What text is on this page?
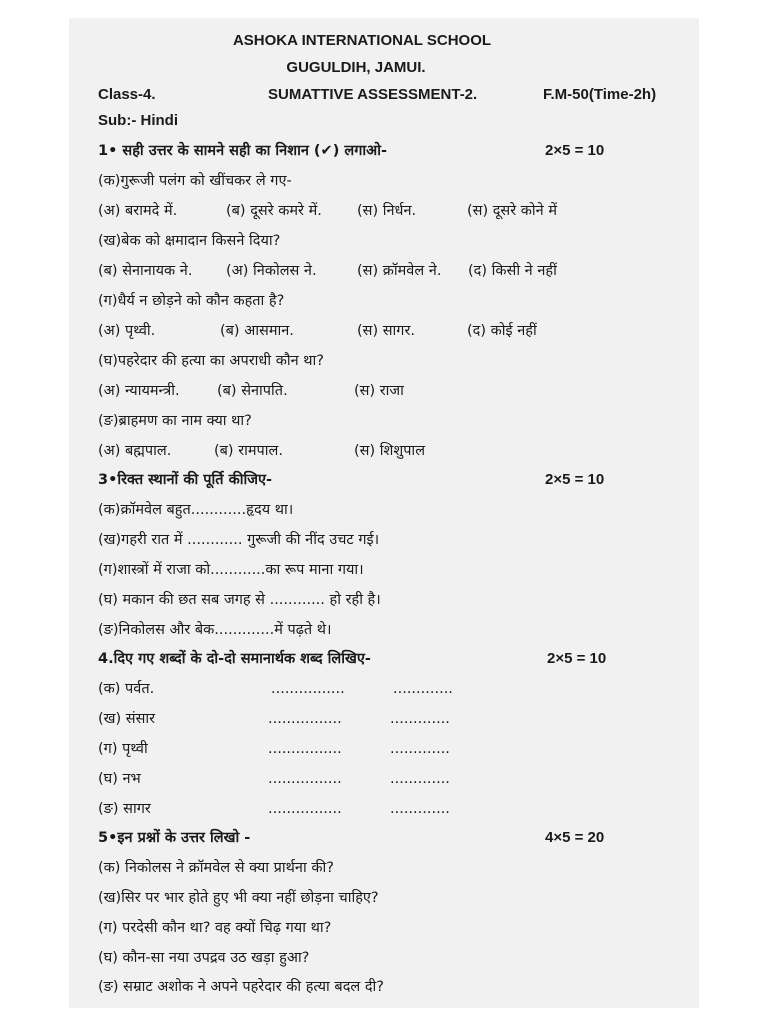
ASHOKA INTERNATIONAL SCHOOL
GUGULDIH, JAMUI.
Class-4.	SUMATTIVE ASSESSMENT-2.	F.M-50(Time-2h)
Sub:- Hindi
1• सही उत्तर के सामने सही का निशान (✔) लगाओ-	2×5 = 10
(क)गुरूजी पलंग को खींचकर ले गए-
(अ) बरामदे में.	(ब) दूसरे कमरे में. (स) निर्धन.	(स) दूसरे कोने में
(ख)बेक को क्षमादान किसने दिया?
(ब) सेनानायक ने. (अ) निकोलस ने.	(स) क्रॉमवेल ने. (द) किसी ने नहीं
(ग)धैर्य न छोड़ने को कौन कहता है?
(अ) पृथ्वी.	(ब) आसमान.	(स) सागर.	(द) कोई नहीं
(घ)पहरेदार की हत्या का अपराधी कौन था?
(अ) न्यायमन्त्री.	(ब) सेनापति.	(स) राजा
(ङ)ब्राहमण का नाम क्या था?
(अ) बह्मपाल.	(ब) रामपाल.	(स) शिशुपाल
3•रिक्त स्थानों की पूर्ति कीजिए-	2×5 = 10
(क)क्रॉमवेल बहुत............हृदय था।
(ख)गहरी रात में ............ गुरूजी की नींद उचट गई।
(ग)शास्त्रों में राजा को............का रूप माना गया।
(घ) मकान की छत सब जगह से ............ हो रही है।
(ङ)निकोलस और बेक.............में पढ़ते थे।
4.दिए गए शब्दों के दो-दो समानार्थक शब्द लिखिए-	2×5 = 10
(क) पर्वत.	................	.............
(ख) संसार	................	.............
(ग) पृथ्वी	................	.............
(घ) नभ	................	.............
(ङ) सागर	................	.............
5•इन प्रश्नों के उत्तर लिखो -	4×5 = 20
(क) निकोलस ने क्रॉमवेल से क्या प्रार्थना की?
(ख)सिर पर भार होते हुए भी क्या नहीं छोड़ना चाहिए?
(ग) परदेसी कौन था? वह क्यों चिढ़ गया था?
(घ) कौन-सा नया उपद्रव उठ खड़ा हुआ?
(ङ) सम्राट अशोक ने अपने पहरेदार की हत्या बदल दी?
